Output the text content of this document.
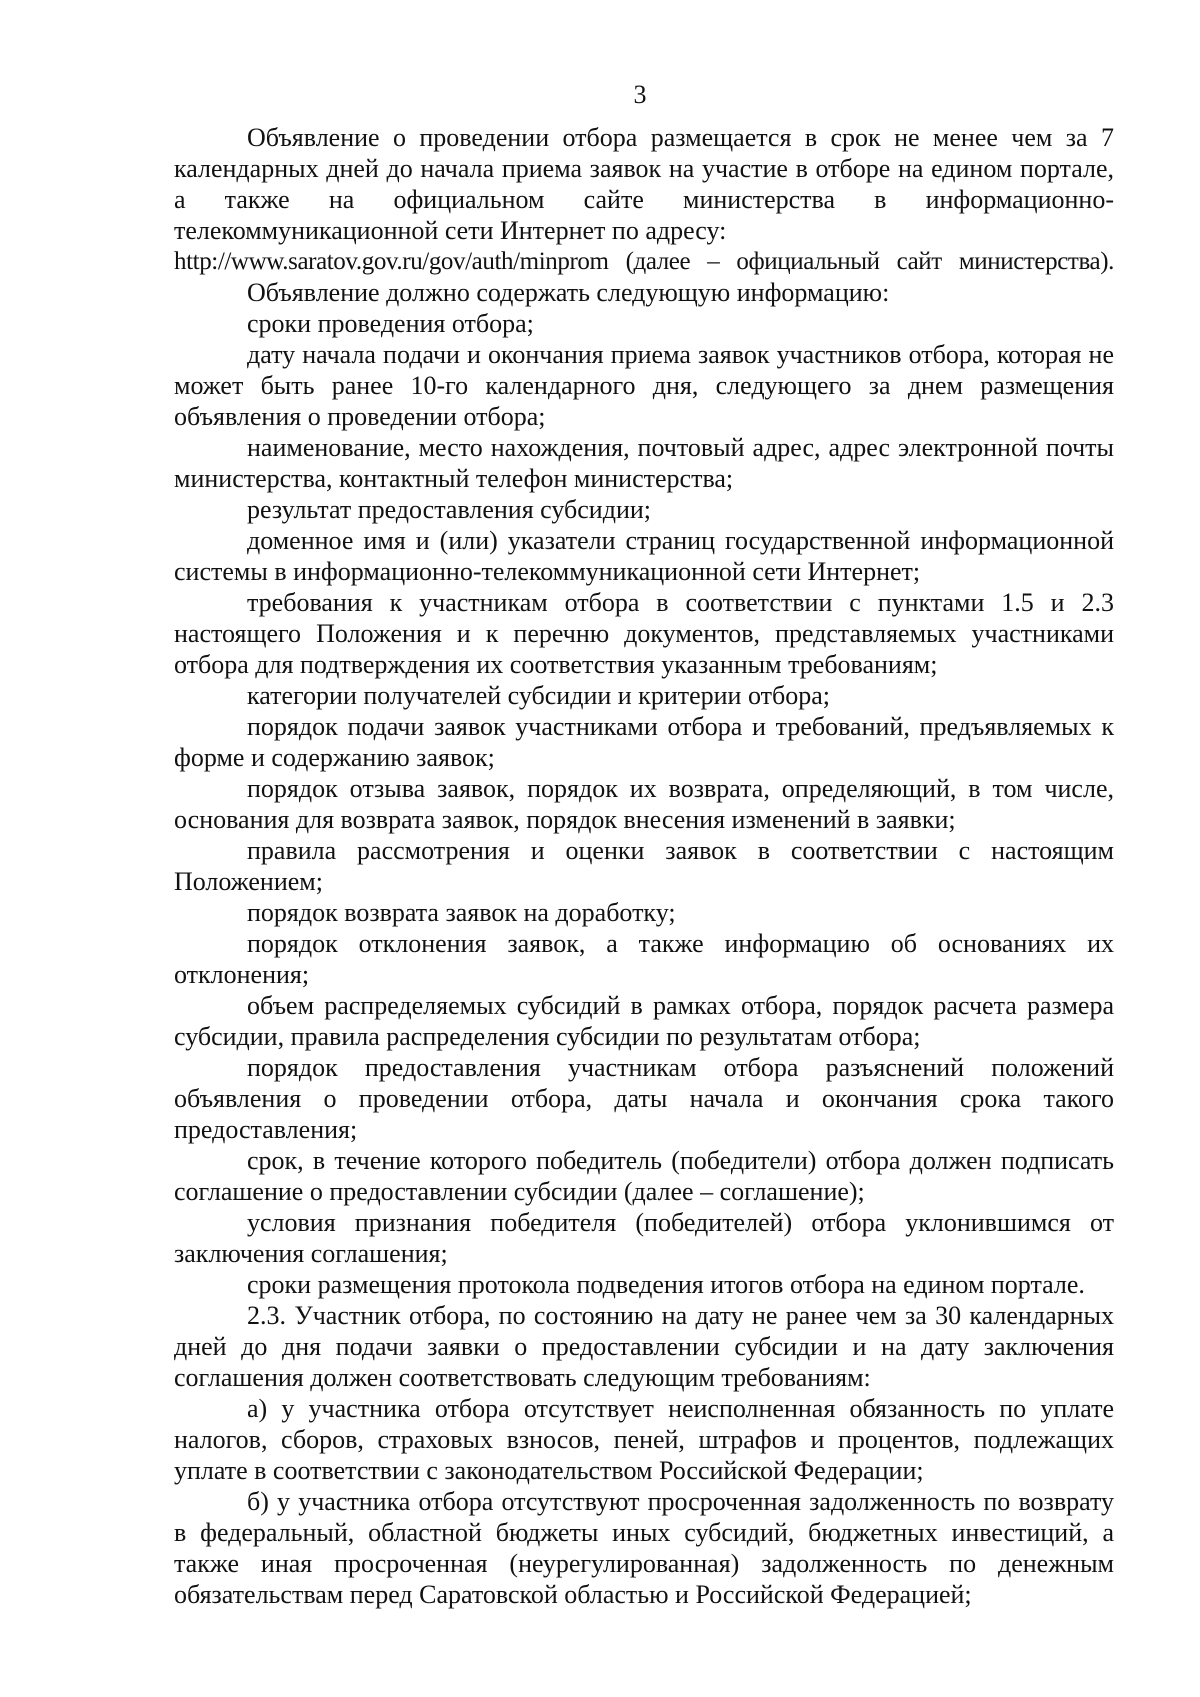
3

Объявление о проведении отбора размещается в срок не менее чем за 7 календарных дней до начала приема заявок на участие в отборе на едином портале, а также на официальном сайте министерства в информационно-телекоммуникационной сети Интернет по адресу:

http://www.saratov.gov.ru/gov/auth/minprom (далее – официальный сайт министерства).

Объявление должно содержать следующую информацию:

сроки проведения отбора;

дату начала подачи и окончания приема заявок участников отбора, которая не может быть ранее 10-го календарного дня, следующего за днем размещения объявления о проведении отбора;

наименование, место нахождения, почтовый адрес, адрес электронной почты министерства, контактный телефон министерства;

результат предоставления субсидии;

доменное имя и (или) указатели страниц государственной информационной системы в информационно-телекоммуникационной сети Интернет;

требования к участникам отбора в соответствии с пунктами 1.5 и 2.3 настоящего Положения и к перечню документов, представляемых участниками отбора для подтверждения их соответствия указанным требованиям;

категории получателей субсидии и критерии отбора;

порядок подачи заявок участниками отбора и требований, предъявляемых к форме и содержанию заявок;

порядок отзыва заявок, порядок их возврата, определяющий, в том числе, основания для возврата заявок, порядок внесения изменений в заявки;

правила рассмотрения и оценки заявок в соответствии с настоящим Положением;

порядок возврата заявок на доработку;

порядок отклонения заявок, а также информацию об основаниях их отклонения;

объем распределяемых субсидий в рамках отбора, порядок расчета размера субсидии, правила распределения субсидии по результатам отбора;

порядок предоставления участникам отбора разъяснений положений объявления о проведении отбора, даты начала и окончания срока такого предоставления;

срок, в течение которого победитель (победители) отбора должен подписать соглашение о предоставлении субсидии (далее – соглашение);

условия признания победителя (победителей) отбора уклонившимся от заключения соглашения;

сроки размещения протокола подведения итогов отбора на едином портале.

2.3. Участник отбора, по состоянию на дату не ранее чем за 30 календарных дней до дня подачи заявки о предоставлении субсидии и на дату заключения соглашения должен соответствовать следующим требованиям:

а) у участника отбора отсутствует неисполненная обязанность по уплате налогов, сборов, страховых взносов, пеней, штрафов и процентов, подлежащих уплате в соответствии с законодательством Российской Федерации;

б) у участника отбора отсутствуют просроченная задолженность по возврату в федеральный, областной бюджеты иных субсидий, бюджетных инвестиций, а также иная просроченная (неурегулированная) задолженность по денежным обязательствам перед Саратовской областью и Российской Федерацией;
